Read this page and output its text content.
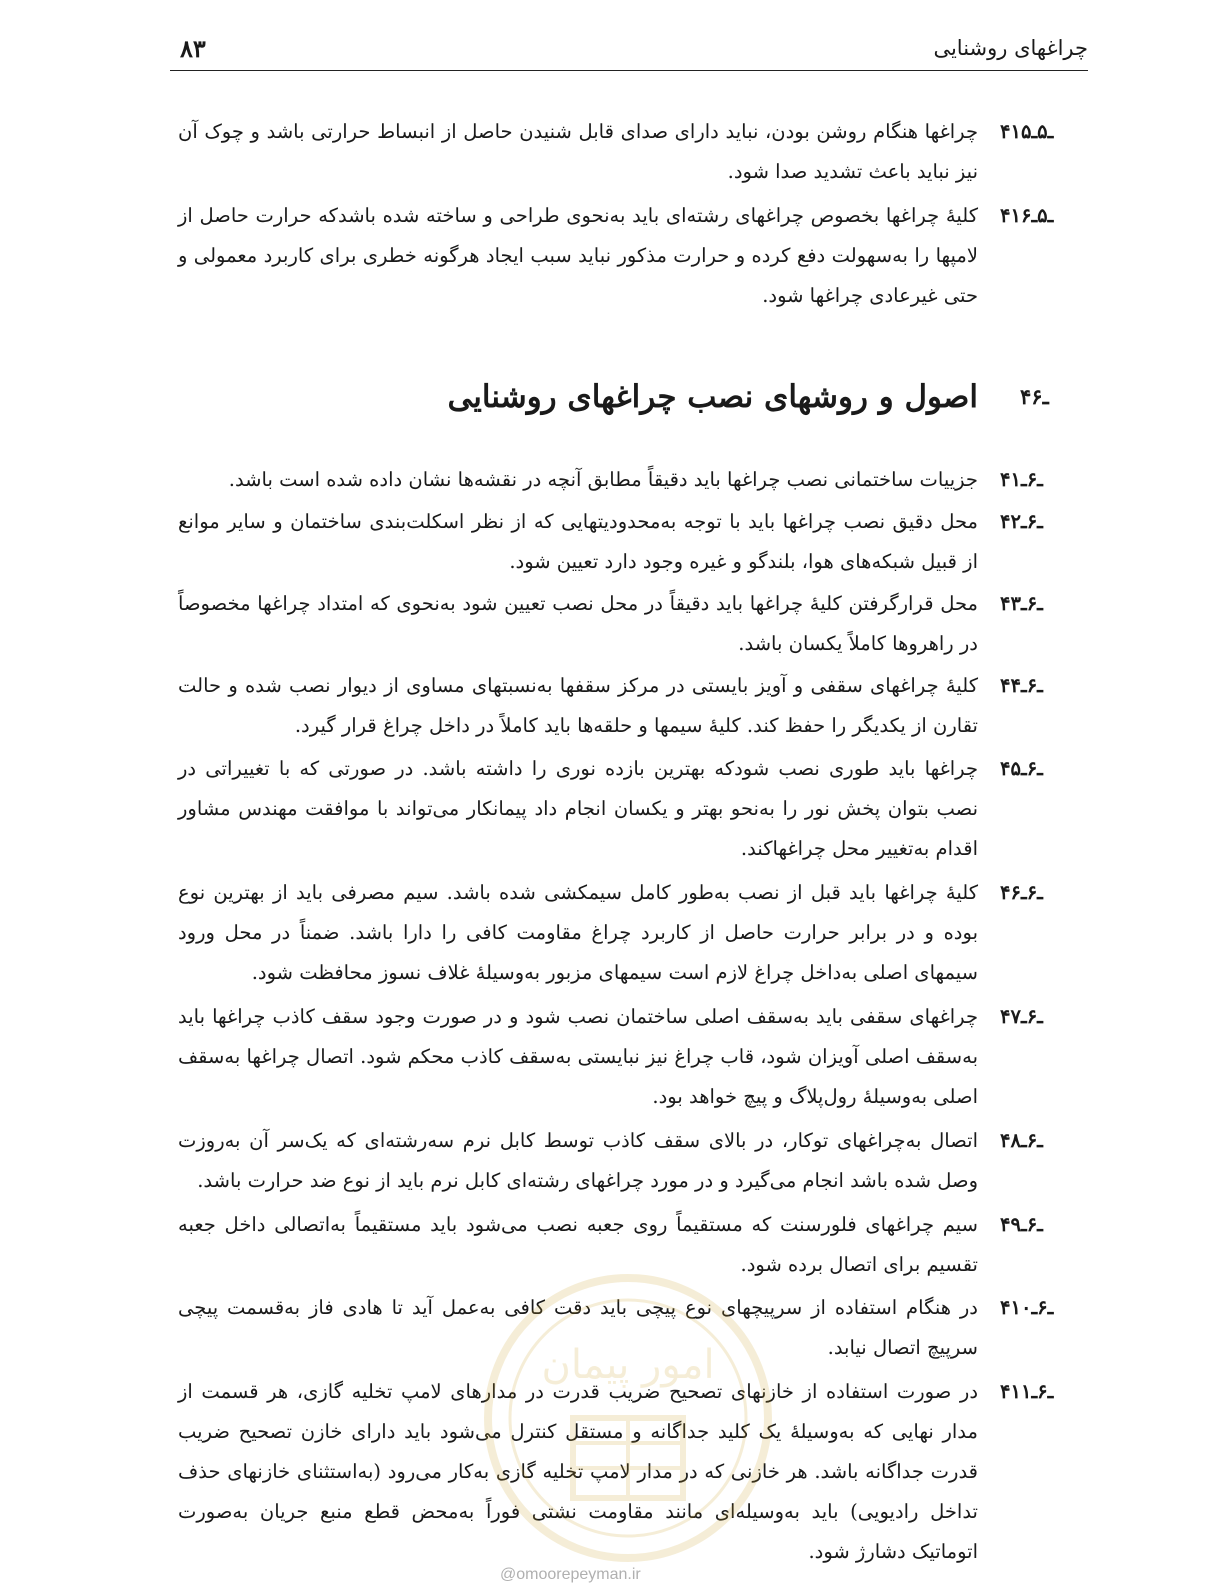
چراغهای روشنایی
۸۳
۴ـ۵ـ۱۵
چراغها هنگام روشن بودن، نباید دارای صدای قابل شنیدن حاصل از انبساط حرارتی باشد و چوک آن نیز نباید باعث تشدید صدا شود.
۴ـ۵ـ۱۶
کلیهٔ چراغها بخصوص چراغهای رشته‌ای باید به‌نحوی طراحی و ساخته شده باشدکه حرارت حاصل از لامپها را به‌سهولت دفع کرده و حرارت مذکور نباید سبب ایجاد هرگونه خطری برای کاربرد معمولی و حتی غیرعادی چراغها شود.
۴ـ۶
اصول و روشهای نصب چراغهای روشنایی
۴ـ۶ـ۱
جزییات ساختمانی نصب چراغها باید دقیقاً مطابق آنچه در نقشه‌ها نشان داده شده است باشد.
۴ـ۶ـ۲
محل دقیق نصب چراغها باید با توجه به‌محدودیتهایی که از نظر اسکلت‌بندی ساختمان و سایر موانع از قبیل شبکه‌های هوا، بلندگو و غیره وجود دارد تعیین شود.
۴ـ۶ـ۳
محل قرارگرفتن کلیهٔ چراغها باید دقیقاً در محل نصب تعیین شود به‌نحوی که امتداد چراغها مخصوصاً در راهروها کاملاً یکسان باشد.
۴ـ۶ـ۴
کلیهٔ چراغهای سقفی و آویز بایستی در مرکز سقفها به‌نسبتهای مساوی از دیوار نصب شده و حالت تقارن از یکدیگر را حفظ کند. کلیهٔ سیمها و حلقه‌ها باید کاملاً در داخل چراغ قرار گیرد.
۴ـ۶ـ۵
چراغها باید طوری نصب شودکه بهترین بازده نوری را داشته باشد. در صورتی که با تغییراتی در نصب بتوان پخش نور را به‌نحو بهتر و یکسان انجام داد پیمانکار می‌تواند با موافقت مهندس مشاور اقدام به‌تغییر محل چراغهاکند.
۴ـ۶ـ۶
کلیهٔ چراغها باید قبل از نصب به‌طور کامل سیمکشی شده باشد. سیم مصرفی باید از بهترین نوع بوده و در برابر حرارت حاصل از کاربرد چراغ مقاومت کافی را دارا باشد. ضمناً در محل ورود سیمهای اصلی به‌داخل چراغ لازم است سیمهای مزبور به‌وسیلهٔ غلاف نسوز محافظت شود.
۴ـ۶ـ۷
چراغهای سقفی باید به‌سقف اصلی ساختمان نصب شود و در صورت وجود سقف کاذب چراغها باید به‌سقف اصلی آویزان شود، قاب چراغ نیز نبایستی به‌سقف کاذب محکم شود. اتصال چراغها به‌سقف اصلی به‌وسیلهٔ رول‌پلاگ و پیچ خواهد بود.
۴ـ۶ـ۸
اتصال به‌چراغهای توکار، در بالای سقف کاذب توسط کابل نرم سه‌رشته‌ای که یک‌سر آن به‌روزت وصل شده باشد انجام می‌گیرد و در مورد چراغهای رشته‌ای کابل نرم باید از نوع ضد حرارت باشد.
۴ـ۶ـ۹
سیم چراغهای فلورسنت که مستقیماً روی جعبه نصب می‌شود باید مستقیماً به‌اتصالی داخل جعبه تقسیم برای اتصال برده شود.
۴ـ۶ـ۱۰
در هنگام استفاده از سرپیچهای نوع پیچی باید دقت کافی به‌عمل آید تا هادی فاز به‌قسمت پیچی سرپیچ اتصال نیابد.
۴ـ۶ـ۱۱
در صورت استفاده از خازنهای تصحیح ضریب قدرت در مدارهای لامپ تخلیه گازی، هر قسمت از مدار نهایی که به‌وسیلهٔ یک کلید جداگانه و مستقل کنترل می‌شود باید دارای خازن تصحیح ضریب قدرت جداگانه باشد. هر خازنی که در مدار لامپ تخلیه گازی به‌کار می‌رود (به‌استثنای خازنهای حذف تداخل رادیویی) باید به‌وسیله‌ای مانند مقاومت نشتی فوراً به‌محض قطع منبع جریان به‌صورت اتوماتیک دشارژ شود.
امور پیمان
@omoorepeyman.ir
